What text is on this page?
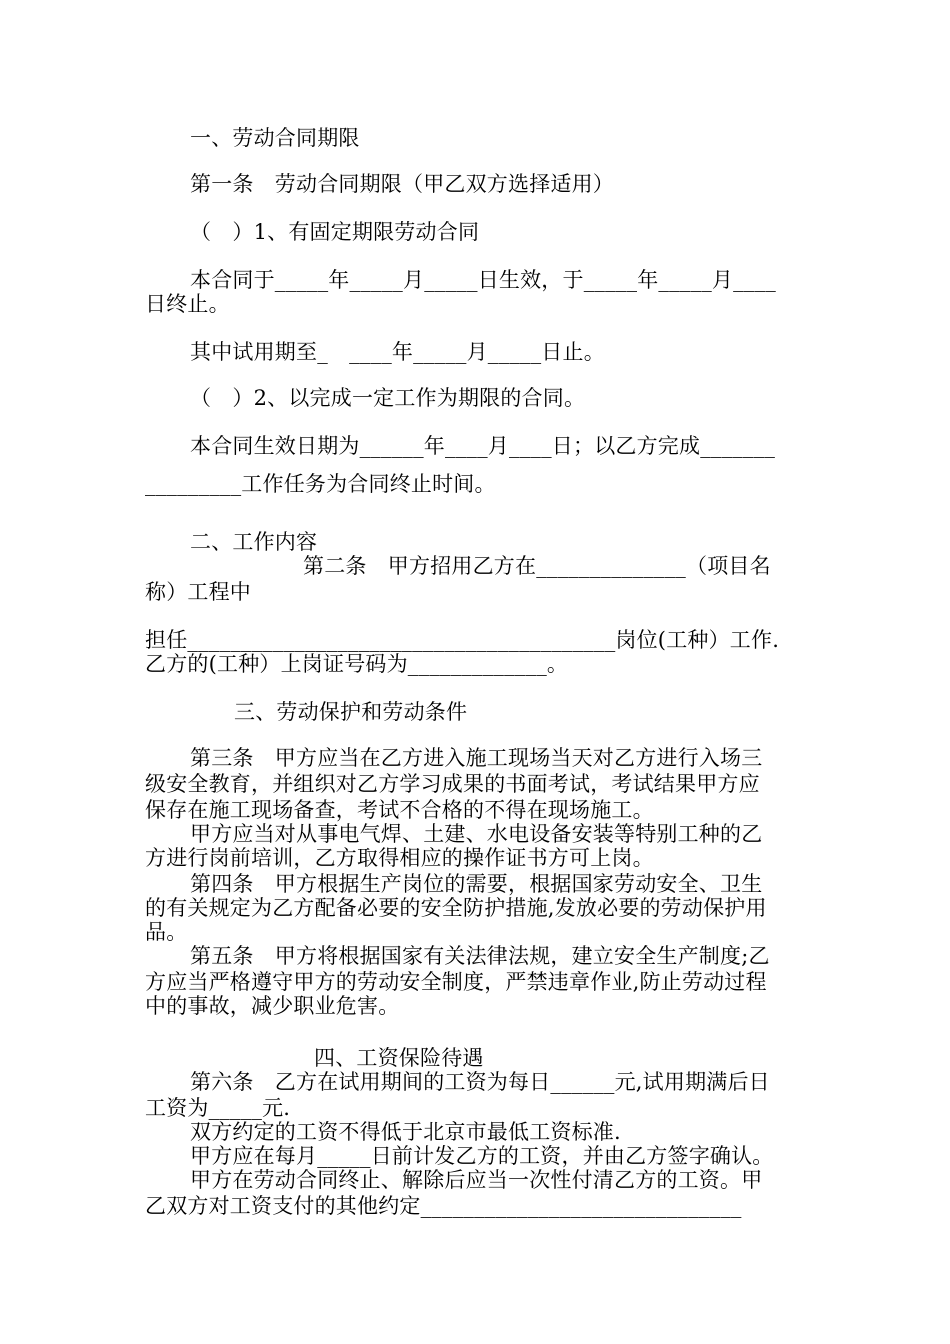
一、劳动合同期限
第一条　劳动合同期限（甲乙双方选择适用）
（　）1、有固定期限劳动合同
本合同于_____年_____月_____日生效，于_____年_____月____
日终止。
其中试用期至_　____年_____月_____日止。
（　）2、以完成一定工作为期限的合同。
本合同生效日期为______年____月____日；以乙方完成_______
_________工作任务为合同终止时间。
二、工作内容
第二条　甲方招用乙方在______________（项目名
称）工程中
担任________________________________________岗位(工种）工作.
乙方的(工种）上岗证号码为_____________。
三、劳动保护和劳动条件
第三条　甲方应当在乙方进入施工现场当天对乙方进行入场三
级安全教育，并组织对乙方学习成果的书面考试，考试结果甲方应
保存在施工现场备查，考试不合格的不得在现场施工。
甲方应当对从事电气焊、土建、水电设备安装等特别工种的乙
方进行岗前培训，乙方取得相应的操作证书方可上岗。
第四条　甲方根据生产岗位的需要，根据国家劳动安全、卫生
的有关规定为乙方配备必要的安全防护措施,发放必要的劳动保护用
品。
第五条　甲方将根据国家有关法律法规，建立安全生产制度;乙
方应当严格遵守甲方的劳动安全制度，严禁违章作业,防止劳动过程
中的事故，减少职业危害。
四、工资保险待遇
第六条　乙方在试用期间的工资为每日______元,试用期满后日
工资为_____元.
双方约定的工资不得低于北京市最低工资标准.
甲方应在每月_____日前计发乙方的工资，并由乙方签字确认。
甲方在劳动合同终止、解除后应当一次性付清乙方的工资。甲
乙双方对工资支付的其他约定______________________________
